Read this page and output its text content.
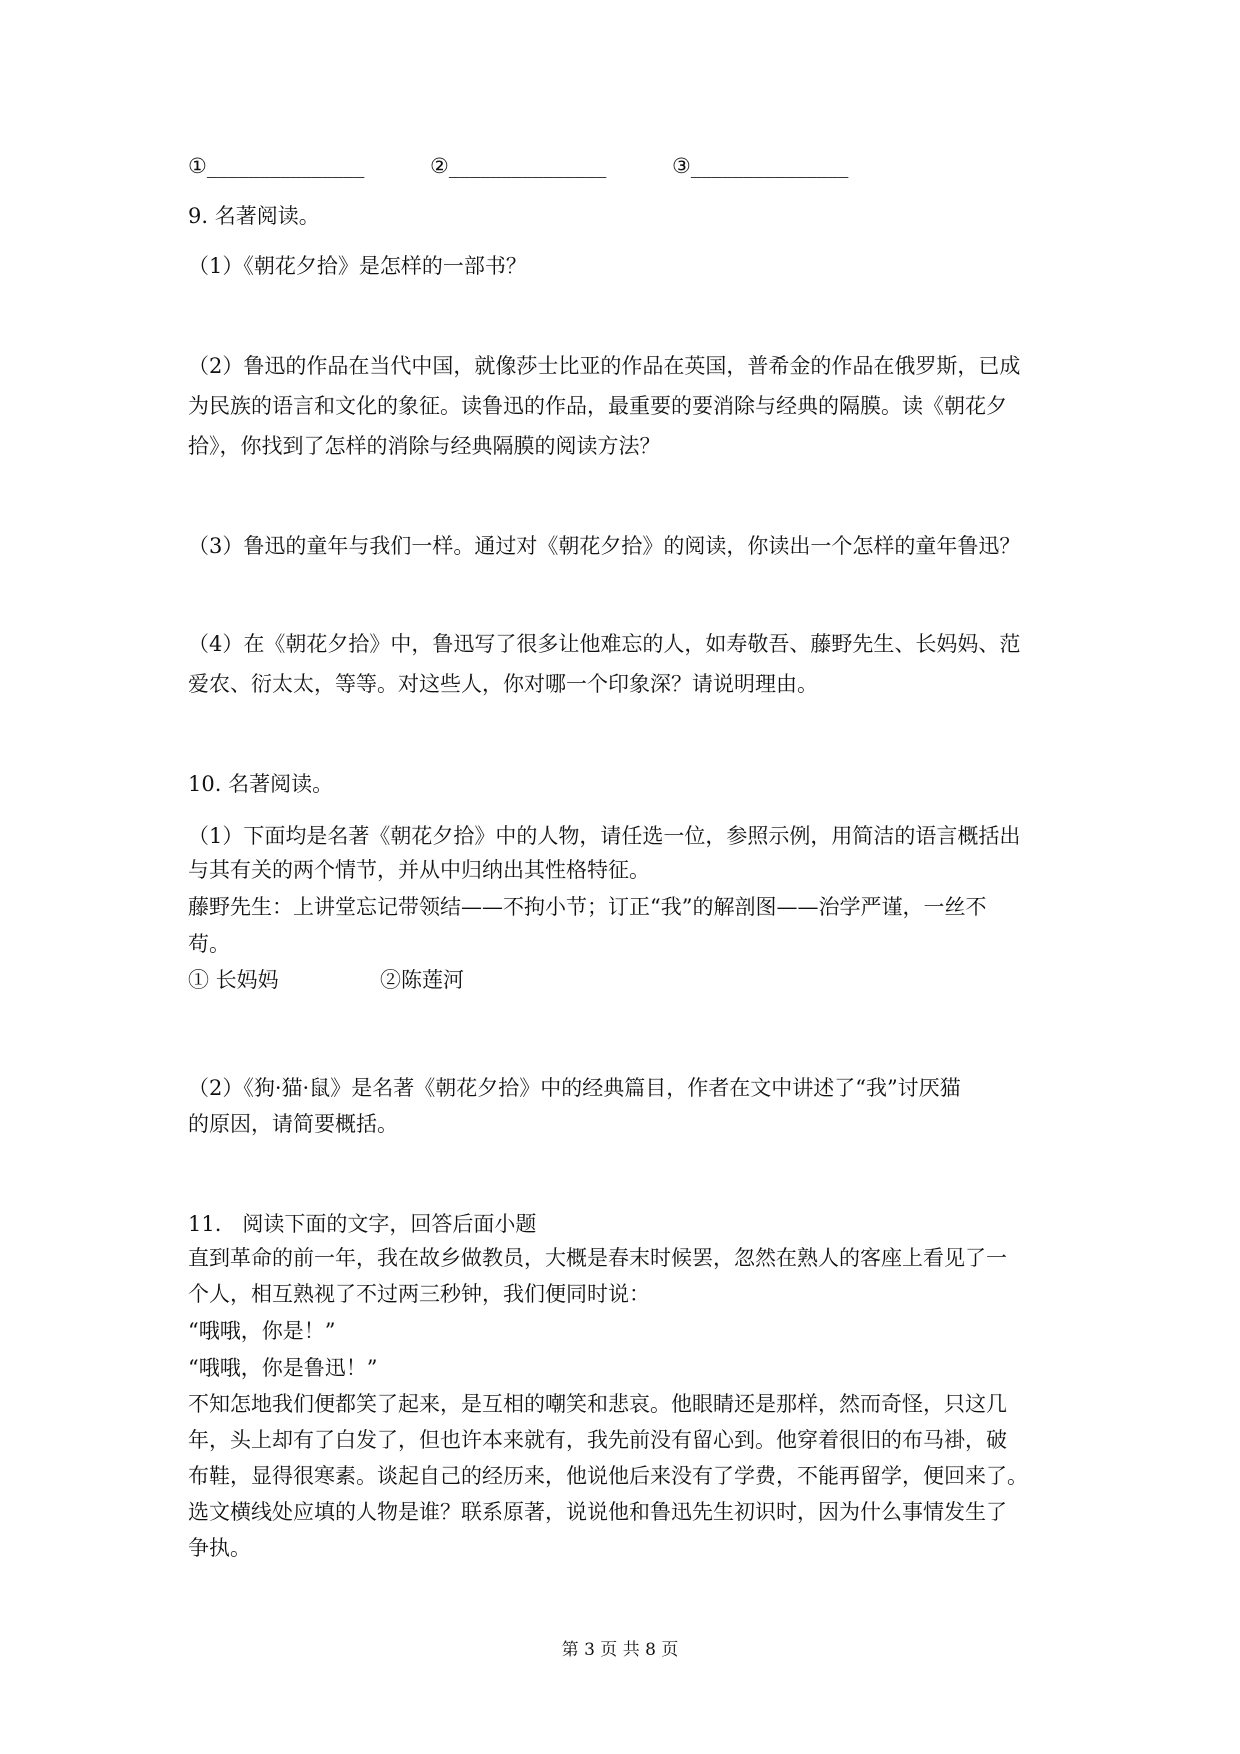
①_______________	②_______________	③_______________
9. 名著阅读。
（1）《朝花夕拾》是怎样的一部书？
（2）鲁迅的作品在当代中国，就像莎士比亚的作品在英国，普希金的作品在俄罗斯，已成
为民族的语言和文化的象征。读鲁迅的作品，最重要的要消除与经典的隔膜。读《朝花夕
拾》，你找到了怎样的消除与经典隔膜的阅读方法？
（3）鲁迅的童年与我们一样。通过对《朝花夕拾》的阅读，你读出一个怎样的童年鲁迅？
（4）在《朝花夕拾》中，鲁迅写了很多让他难忘的人，如寿敬吾、藤野先生、长妈妈、范
爱农、衍太太，等等。对这些人，你对哪一个印象深？请说明理由。
10. 名著阅读。
（1）下面均是名著《朝花夕拾》中的人物，请任选一位，参照示例，用简洁的语言概括出
与其有关的两个情节，并从中归纳出其性格特征。
藤野先生：上讲堂忘记带领结——不拘小节；订正“我”的解剖图——治学严谨，一丝不
苟。
① 长妈妈	②陈莲河
（2）《狗·猫·鼠》是名著《朝花夕拾》中的经典篇目，作者在文中讲述了“我”讨厌猫
的原因，请简要概括。
11.　阅读下面的文字，回答后面小题
直到革命的前一年，我在故乡做教员，大概是春末时候罢，忽然在熟人的客座上看见了一
个人，相互熟视了不过两三秒钟，我们便同时说：
“哦哦，你是！”
“哦哦，你是鲁迅！”
不知怎地我们便都笑了起来，是互相的嘲笑和悲哀。他眼睛还是那样，然而奇怪，只这几
年，头上却有了白发了，但也许本来就有，我先前没有留心到。他穿着很旧的布马褂，破
布鞋，显得很寒素。谈起自己的经历来，他说他后来没有了学费，不能再留学，便回来了。
选文横线处应填的人物是谁？联系原著，说说他和鲁迅先生初识时，因为什么事情发生了
争执。
第 3 页 共 8 页
